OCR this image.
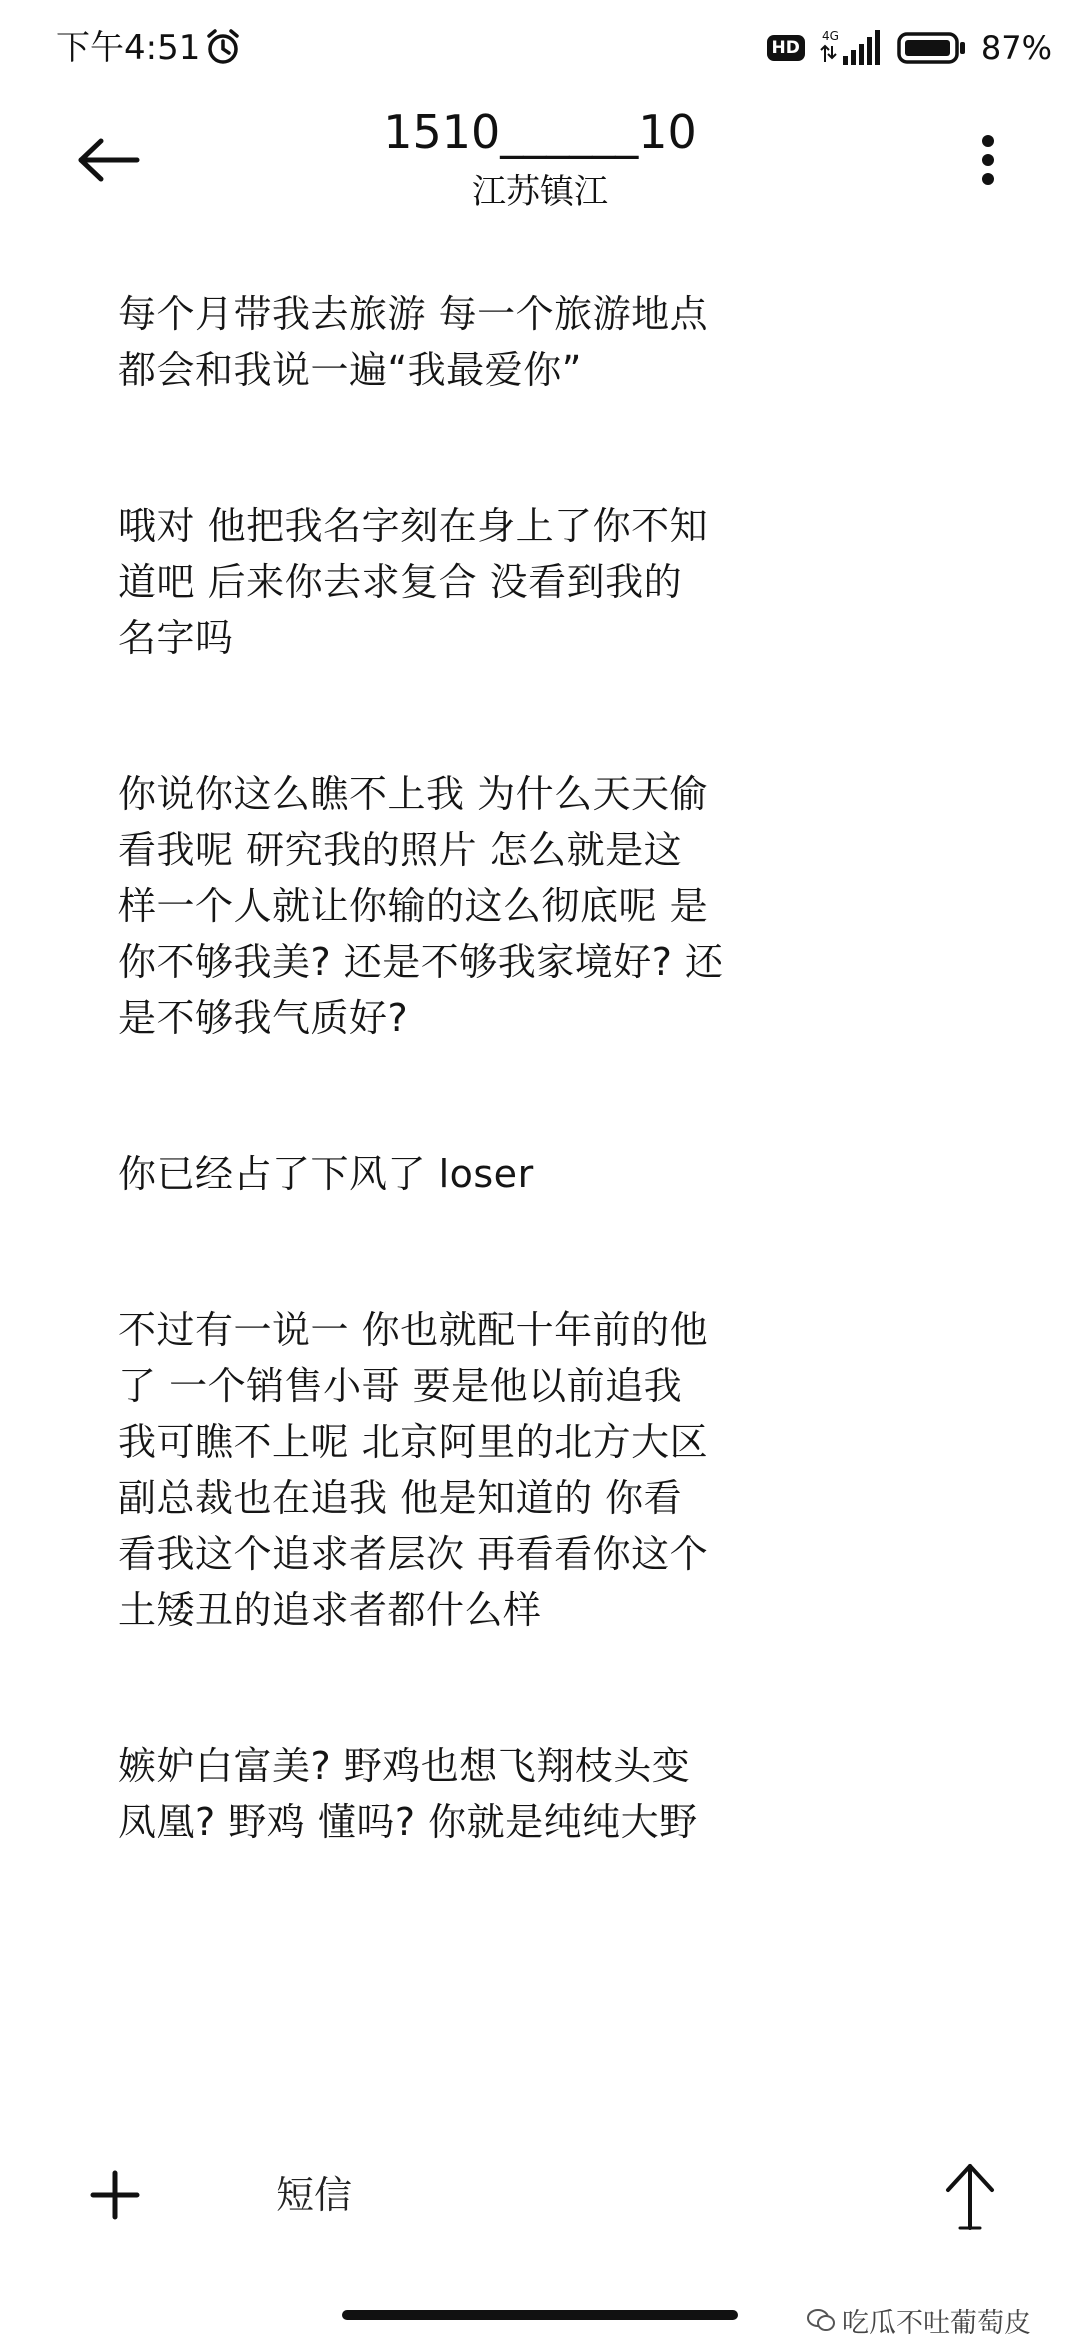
下午4:51	HD
4G	87%
1510______10
江苏镇江

每个月带我去旅游 每一个旅游地点
都会和我说一遍“我最爱你”

哦对 他把我名字刻在身上了你不知
道吧 后来你去求复合 没看到我的
名字吗

你说你这么瞧不上我 为什么天天偷
看我呢 研究我的照片 怎么就是这
样一个人就让你输的这么彻底呢 是
你不够我美? 还是不够我家境好? 还
是不够我气质好?

你已经占了下风了 loser

不过有一说一 你也就配十年前的他
了 一个销售小哥 要是他以前追我
我可瞧不上呢 北京阿里的北方大区
副总裁也在追我 他是知道的 你看
看我这个追求者层次 再看看你这个
土矮丑的追求者都什么样

嫉妒白富美? 野鸡也想飞翔枝头变
凤凰? 野鸡 懂吗? 你就是纯纯大野

短信
吃瓜不吐葡萄皮
